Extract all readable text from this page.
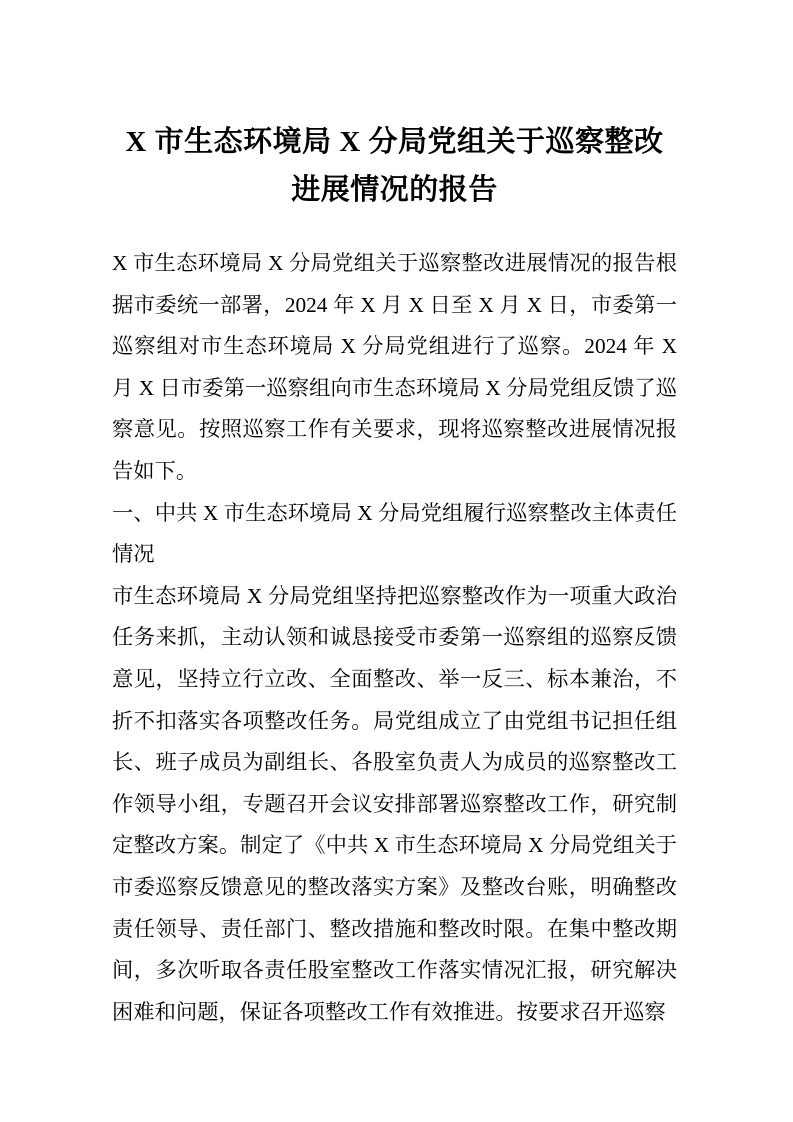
X 市生态环境局 X 分局党组关于巡察整改进展情况的报告

X 市生态环境局 X 分局党组关于巡察整改进展情况的报告根据市委统一部署，2024 年 X 月 X 日至 X 月 X 日，市委第一巡察组对市生态环境局 X 分局党组进行了巡察。2024 年 X 月 X 日市委第一巡察组向市生态环境局 X 分局党组反馈了巡察意见。按照巡察工作有关要求，现将巡察整改进展情况报告如下。

一、中共 X 市生态环境局 X 分局党组履行巡察整改主体责任情况

市生态环境局 X 分局党组坚持把巡察整改作为一项重大政治任务来抓，主动认领和诚恳接受市委第一巡察组的巡察反馈意见，坚持立行立改、全面整改、举一反三、标本兼治，不折不扣落实各项整改任务。局党组成立了由党组书记担任组长、班子成员为副组长、各股室负责人为成员的巡察整改工作领导小组，专题召开会议安排部署巡察整改工作，研究制定整改方案。制定了《中共 X 市生态环境局 X 分局党组关于市委巡察反馈意见的整改落实方案》及整改台账，明确整改责任领导、责任部门、整改措施和整改时限。在集中整改期间，多次听取各责任股室整改工作落实情况汇报，研究解决困难和问题，保证各项整改工作有效推进。按要求召开巡察
